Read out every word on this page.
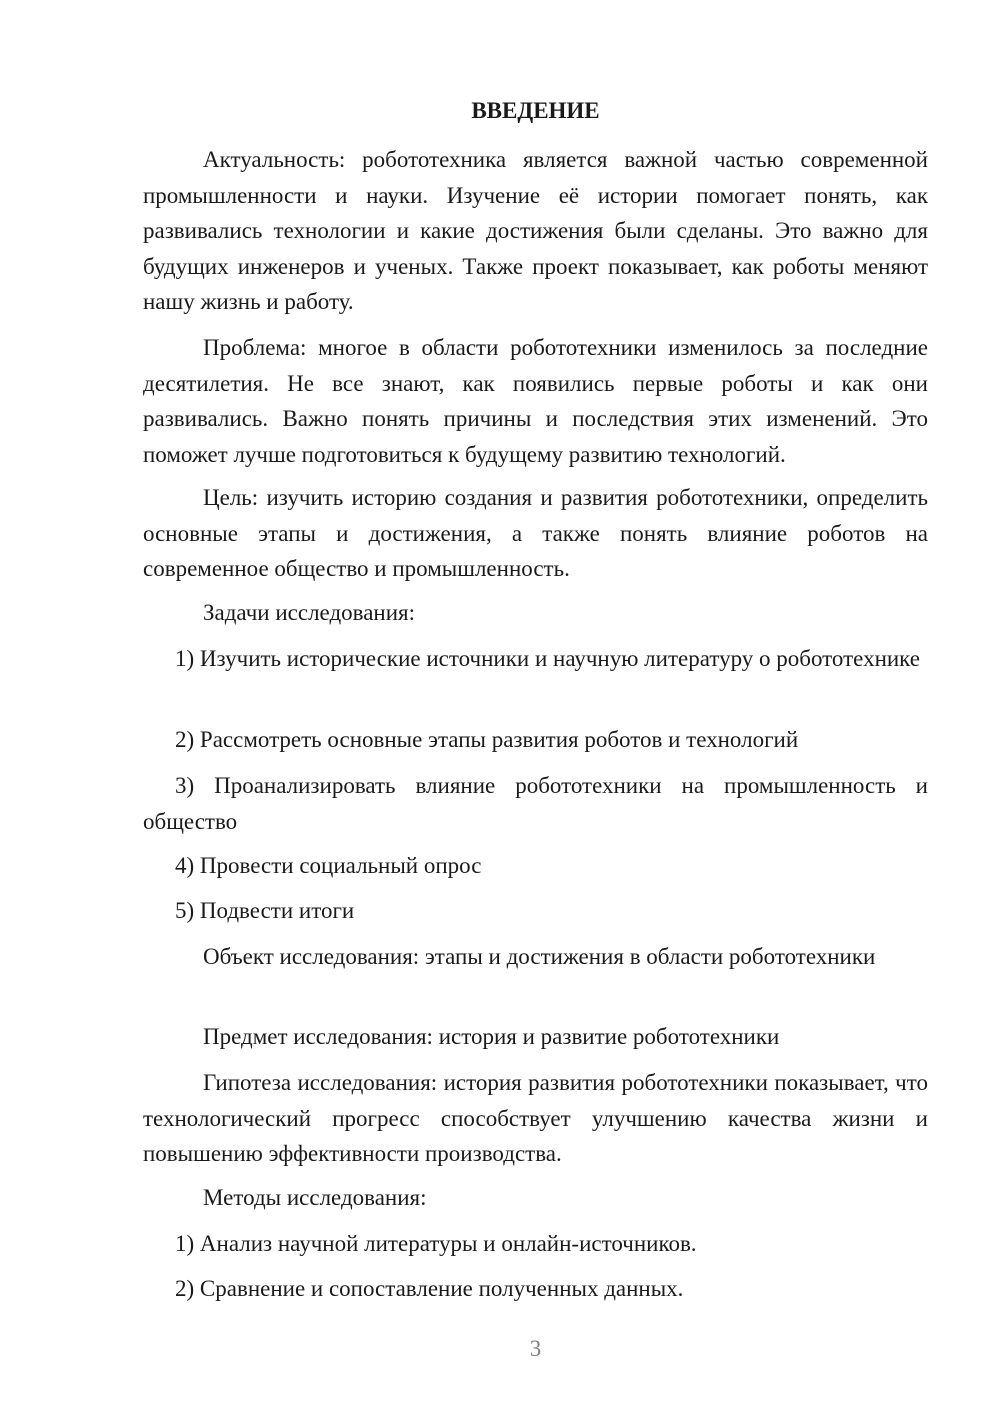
ВВЕДЕНИЕ

Актуальность: робототехника является важной частью современной промышленности и науки. Изучение её истории помогает понять, как развивались технологии и какие достижения были сделаны. Это важно для будущих инженеров и ученых. Также проект показывает, как роботы меняют нашу жизнь и работу.

Проблема: многое в области робототехники изменилось за последние десятилетия. Не все знают, как появились первые роботы и как они развивались. Важно понять причины и последствия этих изменений. Это поможет лучше подготовиться к будущему развитию технологий.

Цель: изучить историю создания и развития робототехники, определить основные этапы и достижения, а также понять влияние роботов на современное общество и промышленность.

Задачи исследования:

1) Изучить исторические источники и научную литературу о робототехнике

2) Рассмотреть основные этапы развития роботов и технологий

3) Проанализировать влияние робототехники на промышленность и общество

4) Провести социальный опрос

5) Подвести итоги

Объект исследования: этапы и достижения в области робототехники

Предмет исследования: история и развитие робототехники

Гипотеза исследования: история развития робототехники показывает, что технологический прогресс способствует улучшению качества жизни и повышению эффективности производства.

Методы исследования:

1) Анализ научной литературы и онлайн-источников.

2) Сравнение и сопоставление полученных данных.

3
